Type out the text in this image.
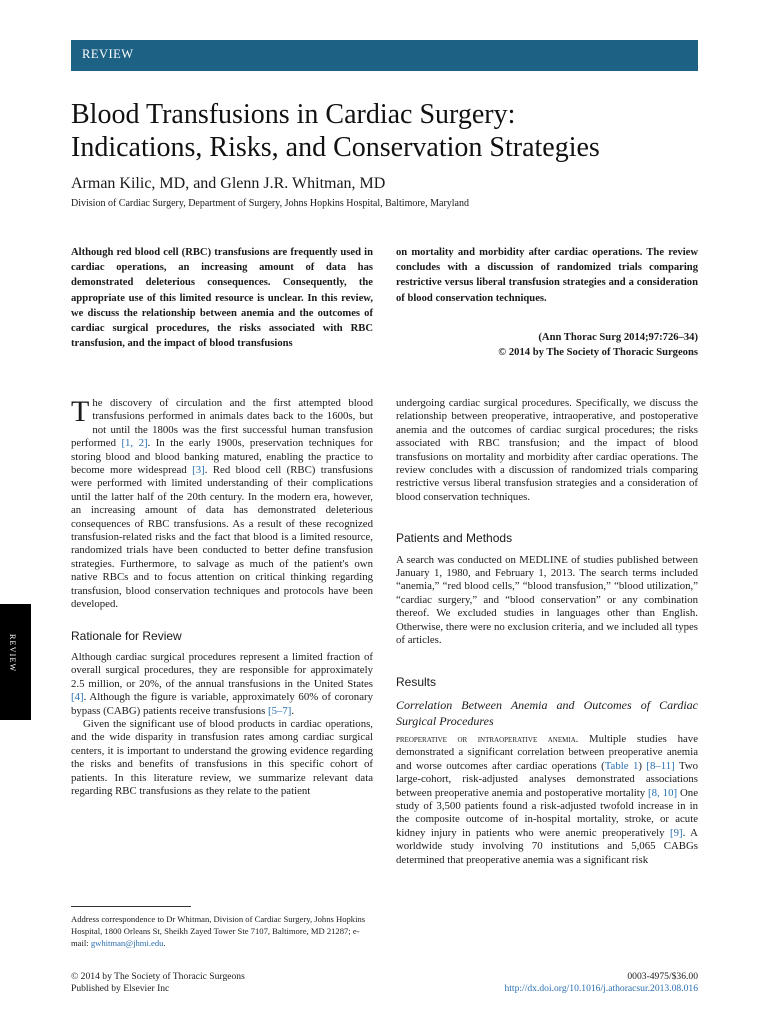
REVIEW
Blood Transfusions in Cardiac Surgery:
Indications, Risks, and Conservation Strategies
Arman Kilic, MD, and Glenn J.R. Whitman, MD
Division of Cardiac Surgery, Department of Surgery, Johns Hopkins Hospital, Baltimore, Maryland
Although red blood cell (RBC) transfusions are frequently used in cardiac operations, an increasing amount of data has demonstrated deleterious consequences. Consequently, the appropriate use of this limited resource is unclear. In this review, we discuss the relationship between anemia and the outcomes of cardiac surgical procedures, the risks associated with RBC transfusion, and the impact of blood transfusions
on mortality and morbidity after cardiac operations. The review concludes with a discussion of randomized trials comparing restrictive versus liberal transfusion strategies and a consideration of blood conservation techniques.
(Ann Thorac Surg 2014;97:726–34)
© 2014 by The Society of Thoracic Surgeons

The discovery of circulation and the first attempted blood transfusions performed in animals dates back to the 1600s, but not until the 1800s was the first successful human transfusion performed [1, 2]. In the early 1900s, preservation techniques for storing blood and blood banking matured, enabling the practice to become more widespread [3]. Red blood cell (RBC) transfusions were performed with limited understanding of their complications until the latter half of the 20th century. In the modern era, however, an increasing amount of data has demonstrated deleterious consequences of RBC transfusions. As a result of these recognized transfusion-related risks and the fact that blood is a limited resource, randomized trials have been conducted to better define transfusion strategies. Furthermore, to salvage as much of the patient's own native RBCs and to focus attention on critical thinking regarding transfusion, blood conservation techniques and protocols have been developed.

Rationale for Review

Although cardiac surgical procedures represent a limited fraction of overall surgical procedures, they are responsible for approximately 2.5 million, or 20%, of the annual transfusions in the United States [4]. Although the figure is variable, approximately 60% of coronary bypass (CABG) patients receive transfusions [5–7].

Given the significant use of blood products in cardiac operations, and the wide disparity in transfusion rates among cardiac surgical centers, it is important to understand the growing evidence regarding the risks and benefits of transfusions in this specific cohort of patients. In this literature review, we summarize relevant data regarding RBC transfusions as they relate to the patient

undergoing cardiac surgical procedures. Specifically, we discuss the relationship between preoperative, intraoperative, and postoperative anemia and the outcomes of cardiac surgical procedures; the risks associated with RBC transfusion; and the impact of blood transfusions on mortality and morbidity after cardiac operations. The review concludes with a discussion of randomized trials comparing restrictive versus liberal transfusion strategies and a consideration of blood conservation techniques.

Patients and Methods

A search was conducted on MEDLINE of studies published between January 1, 1980, and February 1, 2013. The search terms included “anemia,” “red blood cells,” “blood transfusion,” “blood utilization,” “cardiac surgery,” and “blood conservation” or any combination thereof. We excluded studies in languages other than English. Otherwise, there were no exclusion criteria, and we included all types of articles.

Results
Correlation Between Anemia and Outcomes of Cardiac Surgical Procedures

preoperative or intraoperative anemia. Multiple studies have demonstrated a significant correlation between preoperative anemia and worse outcomes after cardiac operations (Table 1) [8–11] Two large-cohort, risk-adjusted analyses demonstrated associations between preoperative anemia and postoperative mortality [8, 10] One study of 3,500 patients found a risk-adjusted twofold increase in in the composite outcome of in-hospital mortality, stroke, or acute kidney injury in patients who were anemic preoperatively [9]. A worldwide study involving 70 institutions and 5,065 CABGs determined that preoperative anemia was a significant risk

REVIEW
Address correspondence to Dr Whitman, Division of Cardiac Surgery, Johns Hopkins Hospital, 1800 Orleans St, Sheikh Zayed Tower Ste 7107, Baltimore, MD 21287; e-mail: gwhitman@jhmi.edu.
© 2014 by The Society of Thoracic Surgeons
Published by Elsevier Inc
0003-4975/$36.00
http://dx.doi.org/10.1016/j.athoracsur.2013.08.016
